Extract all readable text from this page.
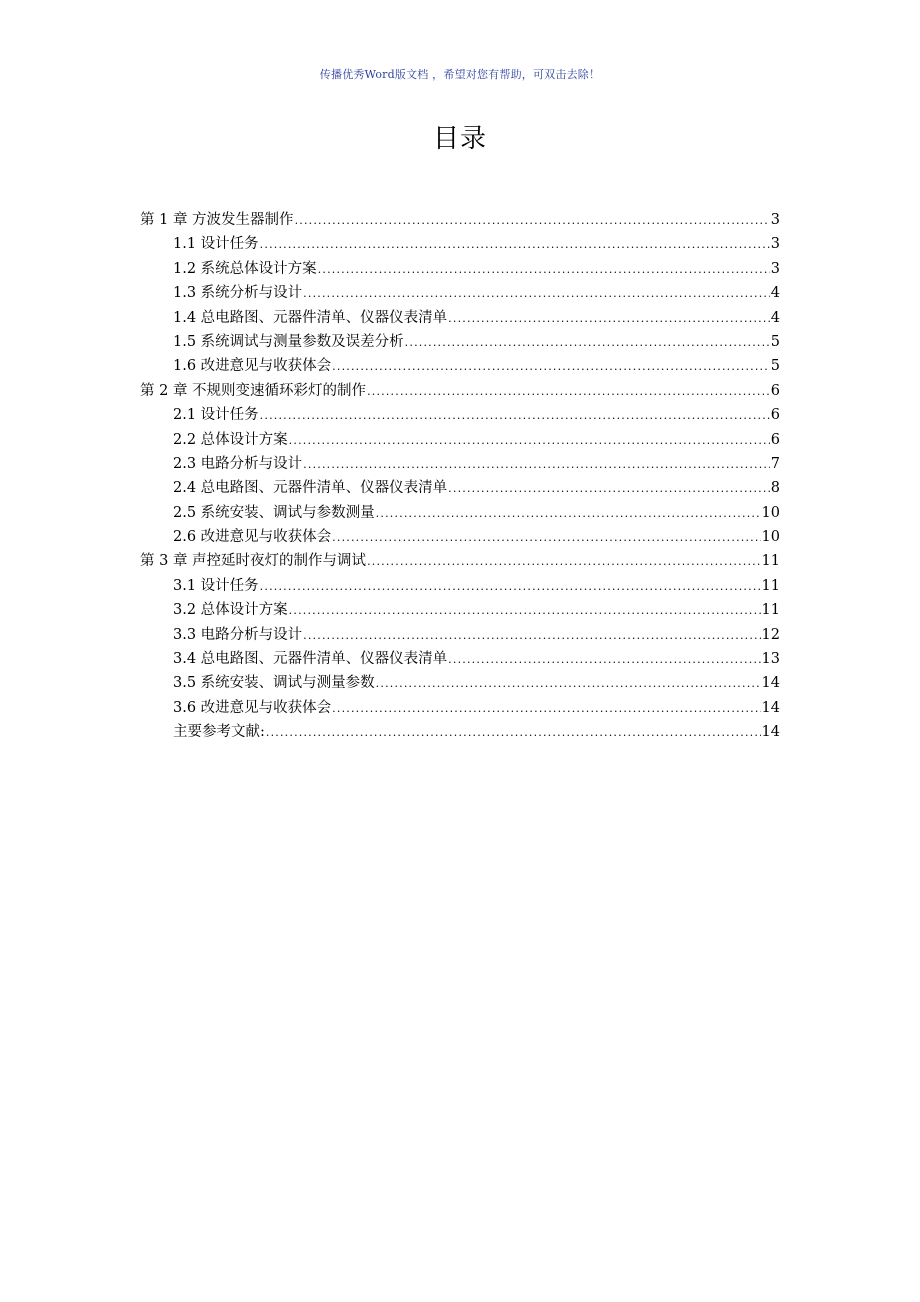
传播优秀Word版文档 ，希望对您有帮助，可双击去除！
目录
第 1 章 方波发生器制作 .....	3
1.1 设计任务 .....	3
1.2 系统总体设计方案 .....	3
1.3 系统分析与设计 .....	4
1.4 总电路图、元器件清单、仪器仪表清单 .....	4
1.5 系统调试与测量参数及误差分析 .....	5
1.6 改进意见与收获体会 .....	5
第 2 章 不规则变速循环彩灯的制作 .....	6
2.1 设计任务 .....	6
2.2 总体设计方案 .....	6
2.3 电路分析与设计 .....	7
2.4 总电路图、元器件清单、仪器仪表清单 .....	8
2.5 系统安装、调试与参数测量 .....	10
2.6 改进意见与收获体会 .....	10
第 3 章 声控延时夜灯的制作与调试 .....	11
3.1 设计任务 .....	11
3.2 总体设计方案 .....	11
3.3 电路分析与设计 .....	12
3.4 总电路图、元器件清单、仪器仪表清单 .....	13
3.5 系统安装、调试与测量参数 .....	14
3.6 改进意见与收获体会 .....	14
主要参考文献: .....	14
